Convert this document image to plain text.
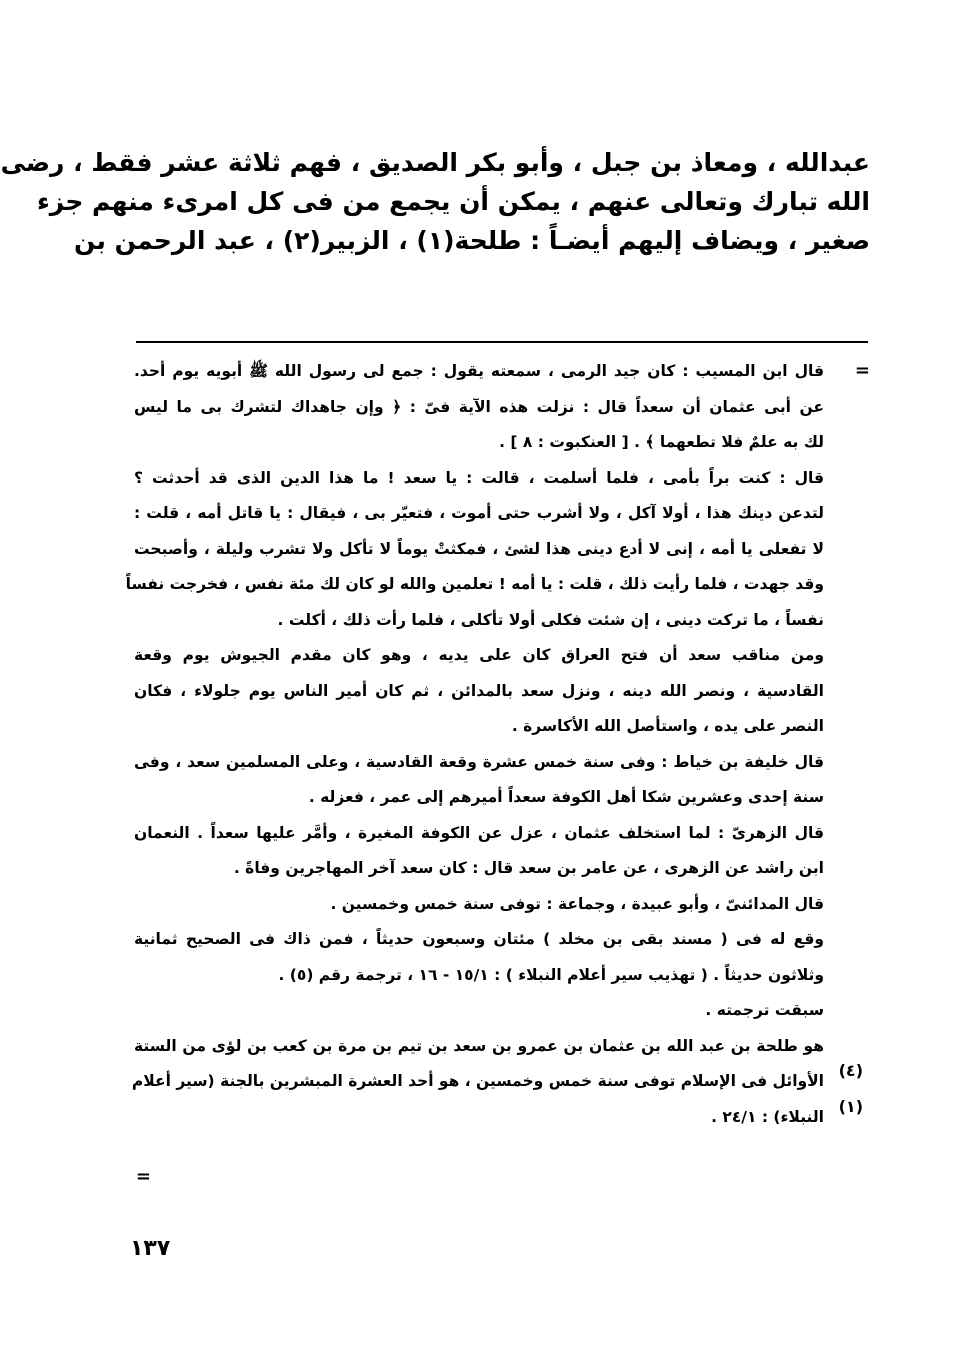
عبدالله ، ومعاذ بن جبل ، وأبو بكر الصديق ، فهم ثلاثة عشر فقط ، رضى
الله تبارك وتعالى عنهم ، يمكن أن يجمع من فى كل امرىء منهم جزء
صغير ، ويضاف إليهم أيضـاً : طلحة(١) ، الزبير(٢) ، عبد الرحمن بن
=
قال ابن المسيب : كان جيد الرمى ، سمعته يقول : جمع لى رسول الله ﷺ أبويه يوم أحد.
عن أبى عثمان أن سعداً قال : نزلت هذه الآية فىّ : ﴿ وإن جاهداك لتشرك بى ما ليس
لك به علمٌ فلا تطعهما ﴾ . [ العنكبوت : ٨ ] .
قال : كنت براً بأمى ، فلما أسلمت ، قالت : يا سعد ! ما هذا الدين الذى قد أحدثت ؟
لتدعن دينك هذا ، أولا آكل ، ولا أشرب حتى أموت ، فتعيّر بى ، فيقال : يا قاتل أمه ، قلت :
لا تفعلى يا أمه ، إنى لا أدع دينى هذا لشئ ، فمكثتْ يوماً لا تأكل ولا تشرب وليلة ، وأصبحت
وقد جهدت ، فلما رأيت ذلك ، قلت : يا أمه ! تعلمين والله لو كان لك مئة نفس ، فخرجت نفساً
نفساً ، ما تركت دينى ، إن شئت فكلى أولا تأكلى ، فلما رأت ذلك ، أكلت .
ومن مناقب سعد أن فتح العراق كان على يديه ، وهو كان مقدم الجيوش يوم وقعة
القادسية ، ونصر الله دينه ، ونزل سعد بالمدائن ، ثم كان أمير الناس يوم جلولاء ، فكان
النصر على يده ، واستأصل الله الأكاسرة .
قال خليفة بن خياط : وفى سنة خمس عشرة وقعة القادسية ، وعلى المسلمين سعد ، وفى
سنة إحدى وعشرين شكا أهل الكوفة سعداً أميرهم إلى عمر ، فعزله .
قال الزهرىّ : لما استخلف عثمان ، عزل عن الكوفة المغيرة ، وأمَّر عليها سعداً . النعمان
ابن راشد عن الزهرى ، عن عامر بن سعد قال : كان سعد آخر المهاجرين وفاةً .
قال المدائنىّ ، وأبو عبيدة ، وجماعة : توفى سنة خمس وخمسين .
وقع له فى ( مسند بقى بن مخلد ) مئتان وسبعون حديثاً ، فمن ذاك فى الصحيح ثمانية
وثلاثون حديثاً . ( تهذيب سير أعلام النبلاء ) : ١٥/١ - ١٦ ، ترجمة رقم (٥) .
سبقت ترجمته .
هو طلحة بن عبد الله بن عثمان بن عمرو بن سعد بن تيم بن مرة بن كعب بن لؤى من الستة
الأوائل فى الإسلام توفى سنة خمس وخمسين ، هو أحد العشرة المبشرين بالجنة (سير أعلام
النبلاء) : ٢٤/١ .
(٤)
(١)
=
١٣٧
